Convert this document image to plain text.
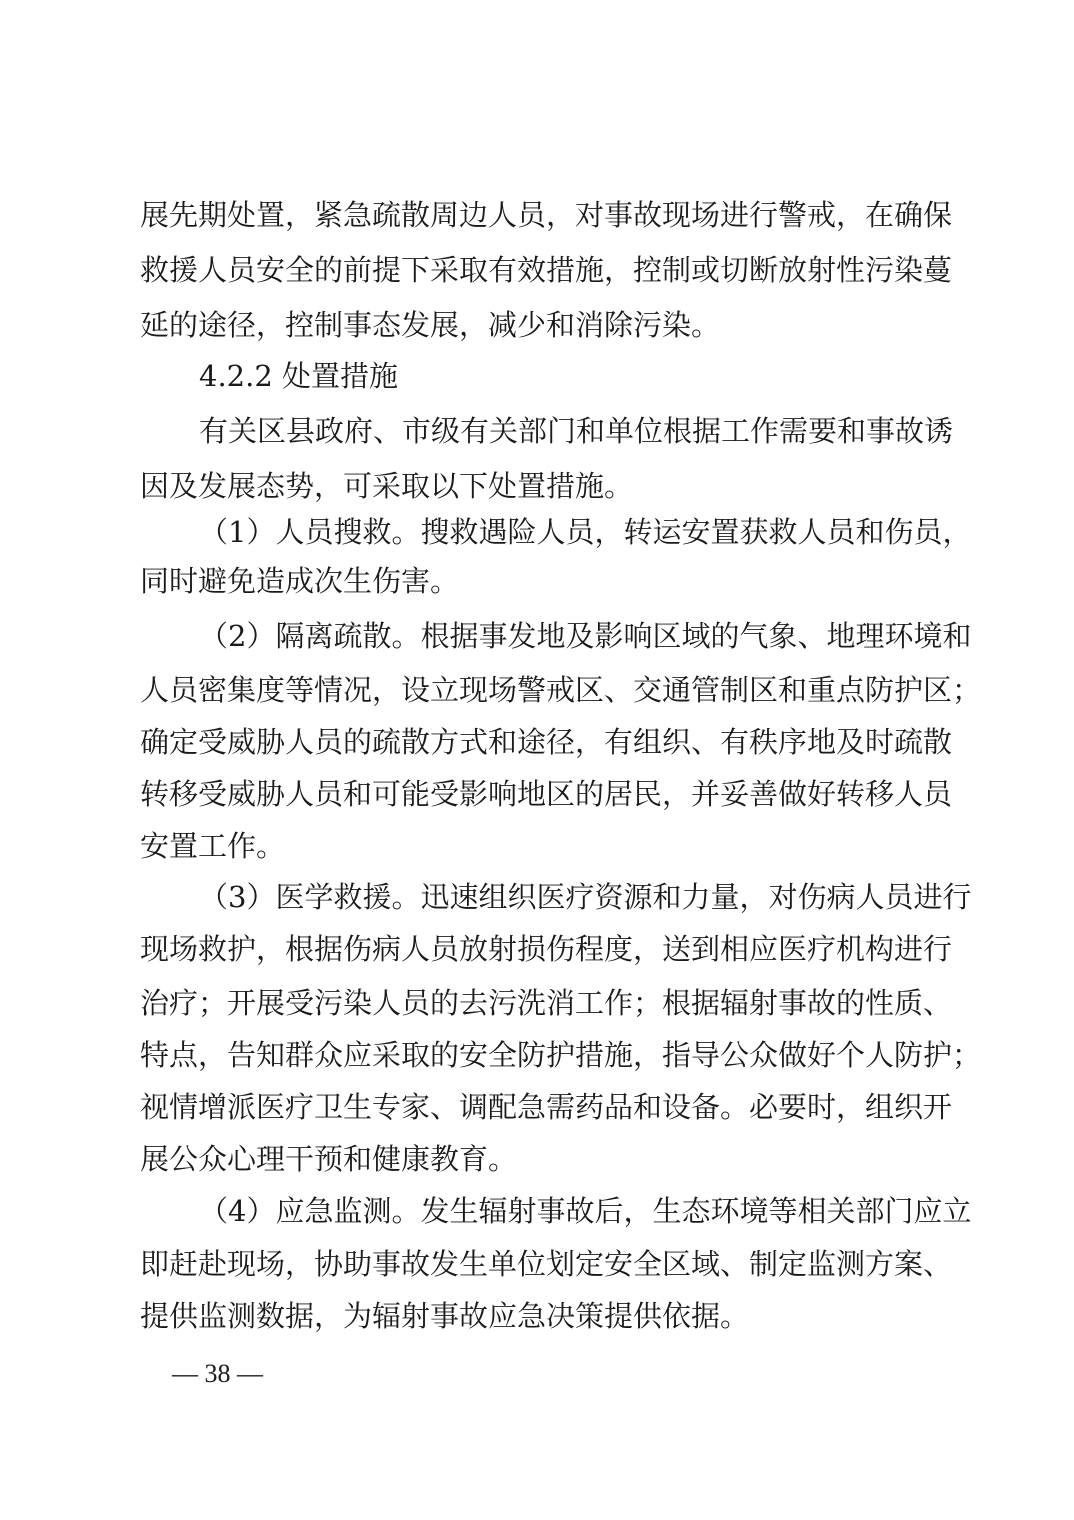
展先期处置，紧急疏散周边人员，对事故现场进行警戒，在确保
救援人员安全的前提下采取有效措施，控制或切断放射性污染蔓
延的途径，控制事态发展，减少和消除污染。
4.2.2 处置措施
有关区县政府、市级有关部门和单位根据工作需要和事故诱
因及发展态势，可采取以下处置措施。
（1）人员搜救。搜救遇险人员，转运安置获救人员和伤员，
同时避免造成次生伤害。
（2）隔离疏散。根据事发地及影响区域的气象、地理环境和
人员密集度等情况，设立现场警戒区、交通管制区和重点防护区；
确定受威胁人员的疏散方式和途径，有组织、有秩序地及时疏散
转移受威胁人员和可能受影响地区的居民，并妥善做好转移人员
安置工作。
（3）医学救援。迅速组织医疗资源和力量，对伤病人员进行
现场救护，根据伤病人员放射损伤程度，送到相应医疗机构进行
治疗；开展受污染人员的去污洗消工作；根据辐射事故的性质、
特点，告知群众应采取的安全防护措施，指导公众做好个人防护；
视情增派医疗卫生专家、调配急需药品和设备。必要时，组织开
展公众心理干预和健康教育。
（4）应急监测。发生辐射事故后，生态环境等相关部门应立
即赶赴现场，协助事故发生单位划定安全区域、制定监测方案、
提供监测数据，为辐射事故应急决策提供依据。
— 38 —
